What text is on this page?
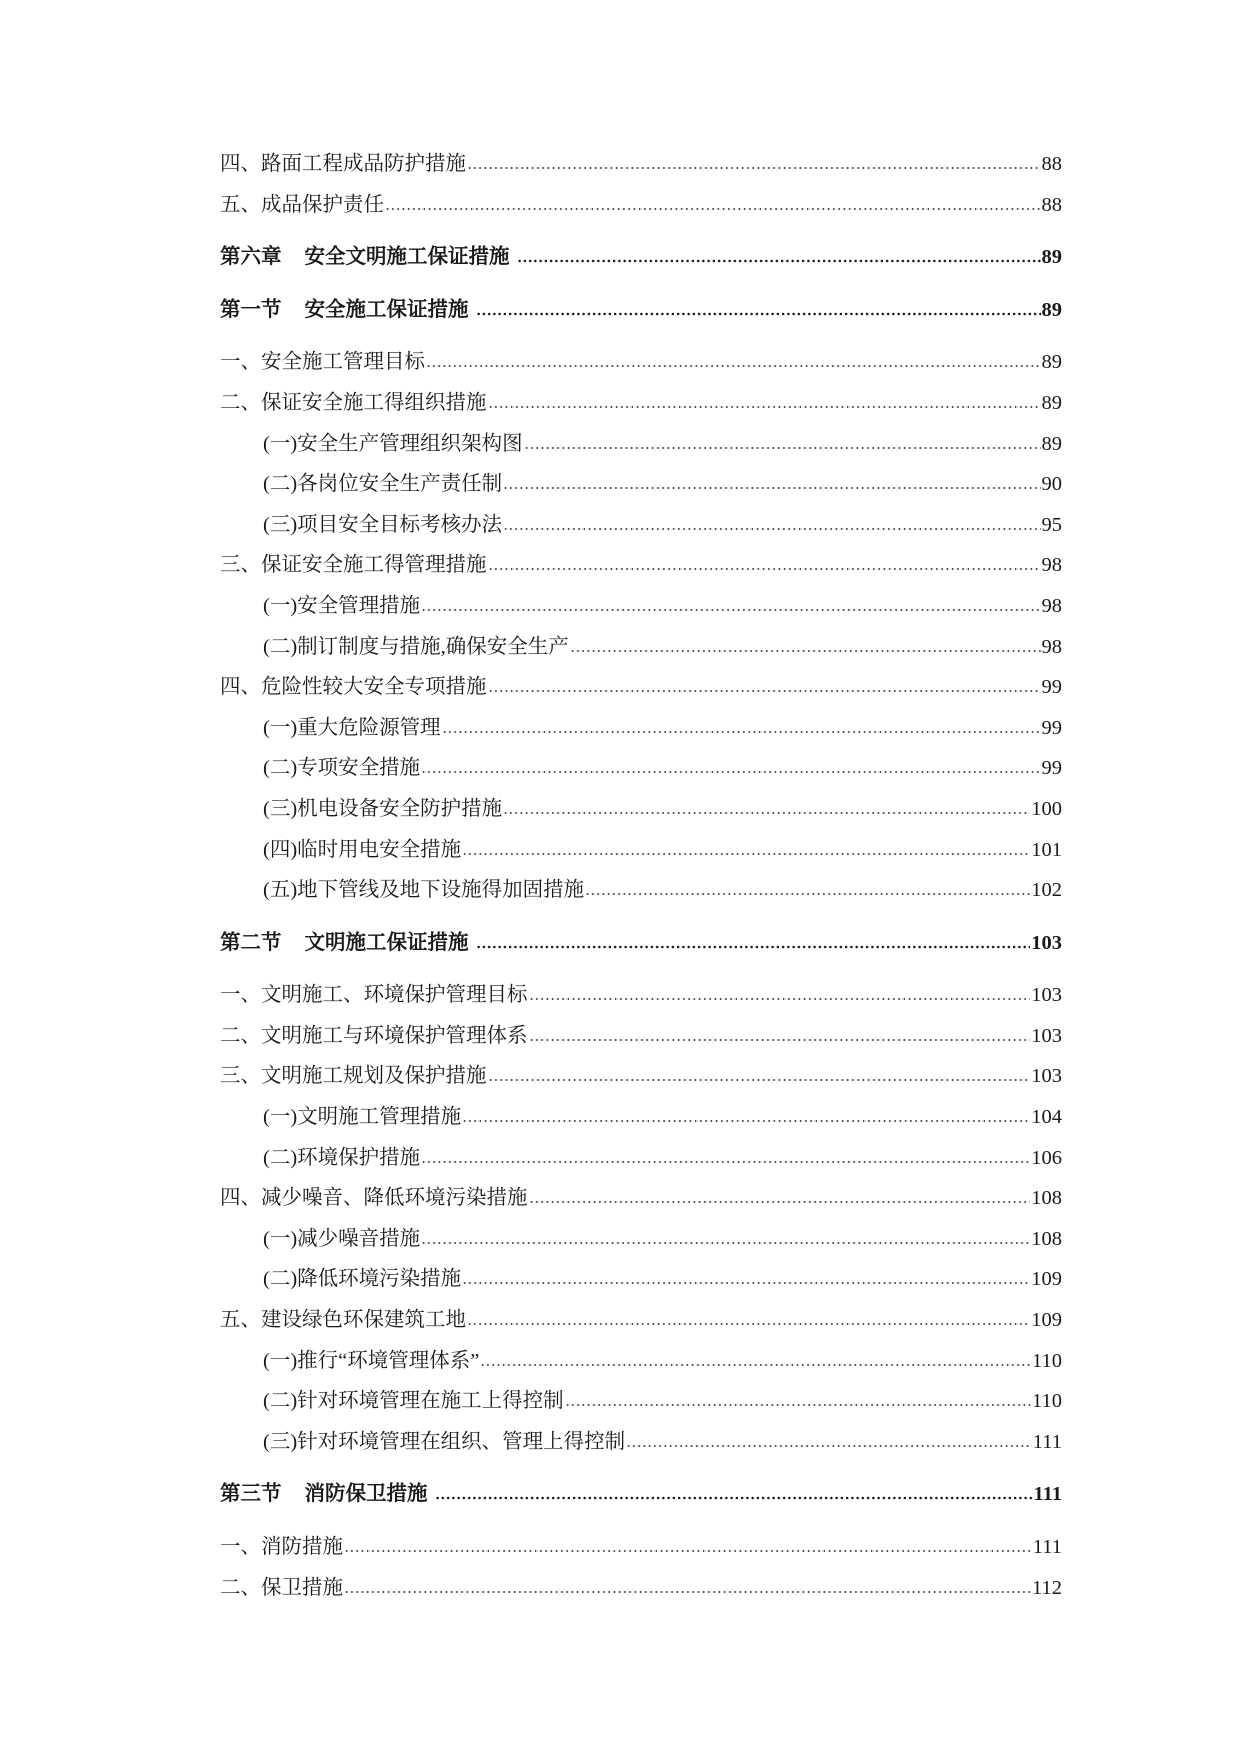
四、路面工程成品防护措施	88
五、成品保护责任	88
第六章 安全文明施工保证措施	89
第一节 安全施工保证措施	89
一、安全施工管理目标	89
二、保证安全施工得组织措施	89
(一)安全生产管理组织架构图	89
(二)各岗位安全生产责任制	90
(三)项目安全目标考核办法	95
三、保证安全施工得管理措施	98
(一)安全管理措施	98
(二)制订制度与措施,确保安全生产	98
四、危险性较大安全专项措施	99
(一)重大危险源管理	99
(二)专项安全措施	99
(三)机电设备安全防护措施	100
(四)临时用电安全措施	101
(五)地下管线及地下设施得加固措施	102
第二节 文明施工保证措施	103
一、文明施工、环境保护管理目标	103
二、文明施工与环境保护管理体系	103
三、文明施工规划及保护措施	103
(一)文明施工管理措施	104
(二)环境保护措施	106
四、减少噪音、降低环境污染措施	108
(一)减少噪音措施	108
(二)降低环境污染措施	109
五、建设绿色环保建筑工地	109
(一)推行“环境管理体系”	110
(二)针对环境管理在施工上得控制	110
(三)针对环境管理在组织、管理上得控制	111
第三节 消防保卫措施	111
一、消防措施	111
二、保卫措施	112
